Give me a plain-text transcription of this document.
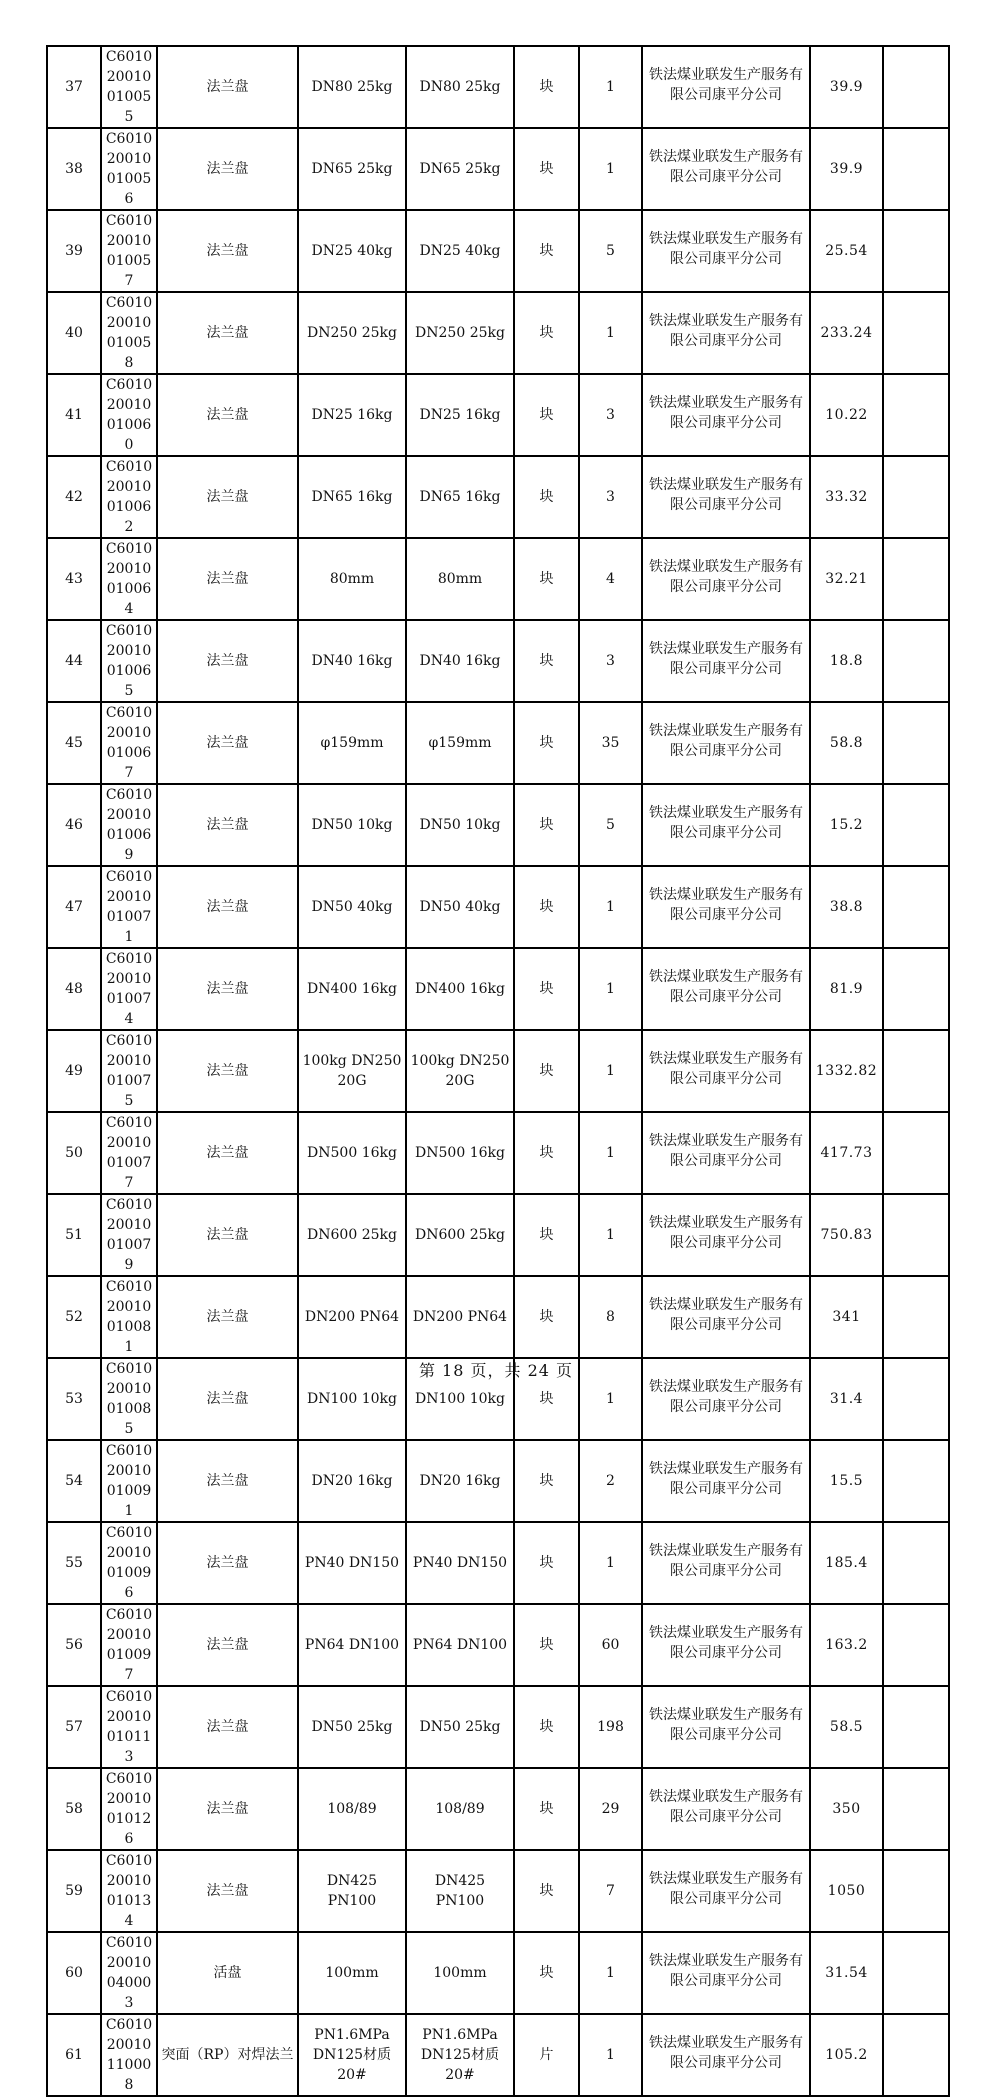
37	C601020010010055	法兰盘	DN80 25kg	DN80 25kg	块	1	铁法煤业联发生产服务有限公司康平分公司	39.9	
38	C601020010010056	法兰盘	DN65 25kg	DN65 25kg	块	1	铁法煤业联发生产服务有限公司康平分公司	39.9	
39	C601020010010057	法兰盘	DN25 40kg	DN25 40kg	块	5	铁法煤业联发生产服务有限公司康平分公司	25.54	
40	C601020010010058	法兰盘	DN250 25kg	DN250 25kg	块	1	铁法煤业联发生产服务有限公司康平分公司	233.24	
41	C601020010010060	法兰盘	DN25 16kg	DN25 16kg	块	3	铁法煤业联发生产服务有限公司康平分公司	10.22	
42	C601020010010062	法兰盘	DN65 16kg	DN65 16kg	块	3	铁法煤业联发生产服务有限公司康平分公司	33.32	
43	C601020010010064	法兰盘	80mm	80mm	块	4	铁法煤业联发生产服务有限公司康平分公司	32.21	
44	C601020010010065	法兰盘	DN40 16kg	DN40 16kg	块	3	铁法煤业联发生产服务有限公司康平分公司	18.8	
45	C601020010010067	法兰盘	φ159mm	φ159mm	块	35	铁法煤业联发生产服务有限公司康平分公司	58.8	
46	C601020010010069	法兰盘	DN50 10kg	DN50 10kg	块	5	铁法煤业联发生产服务有限公司康平分公司	15.2	
47	C601020010010071	法兰盘	DN50 40kg	DN50 40kg	块	1	铁法煤业联发生产服务有限公司康平分公司	38.8	
48	C601020010010074	法兰盘	DN400 16kg	DN400 16kg	块	1	铁法煤业联发生产服务有限公司康平分公司	81.9	
49	C601020010010075	法兰盘	100kg DN250 20G	100kg DN250 20G	块	1	铁法煤业联发生产服务有限公司康平分公司	1332.82	
50	C601020010010077	法兰盘	DN500 16kg	DN500 16kg	块	1	铁法煤业联发生产服务有限公司康平分公司	417.73	
51	C601020010010079	法兰盘	DN600 25kg	DN600 25kg	块	1	铁法煤业联发生产服务有限公司康平分公司	750.83	
52	C601020010010081	法兰盘	DN200 PN64	DN200 PN64	块	8	铁法煤业联发生产服务有限公司康平分公司	341	
53	C601020010010085	法兰盘	DN100 10kg	DN100 10kg	块	1	铁法煤业联发生产服务有限公司康平分公司	31.4	
54	C601020010010091	法兰盘	DN20 16kg	DN20 16kg	块	2	铁法煤业联发生产服务有限公司康平分公司	15.5	
55	C601020010010096	法兰盘	PN40 DN150	PN40 DN150	块	1	铁法煤业联发生产服务有限公司康平分公司	185.4	
56	C601020010010097	法兰盘	PN64 DN100	PN64 DN100	块	60	铁法煤业联发生产服务有限公司康平分公司	163.2	
57	C601020010010113	法兰盘	DN50 25kg	DN50 25kg	块	198	铁法煤业联发生产服务有限公司康平分公司	58.5	
58	C601020010010126	法兰盘	108/89	108/89	块	29	铁法煤业联发生产服务有限公司康平分公司	350	
59	C601020010010134	法兰盘	DN425 PN100	DN425 PN100	块	7	铁法煤业联发生产服务有限公司康平分公司	1050	
60	C601020010040003	活盘	100mm	100mm	块	1	铁法煤业联发生产服务有限公司康平分公司	31.54	
61	C601020010110008	突面（RP）对焊法兰	PN1.6MPa DN125材质20#	PN1.6MPa DN125材质20#	片	1	铁法煤业联发生产服务有限公司康平分公司	105.2	
第 18 页，共 24 页
